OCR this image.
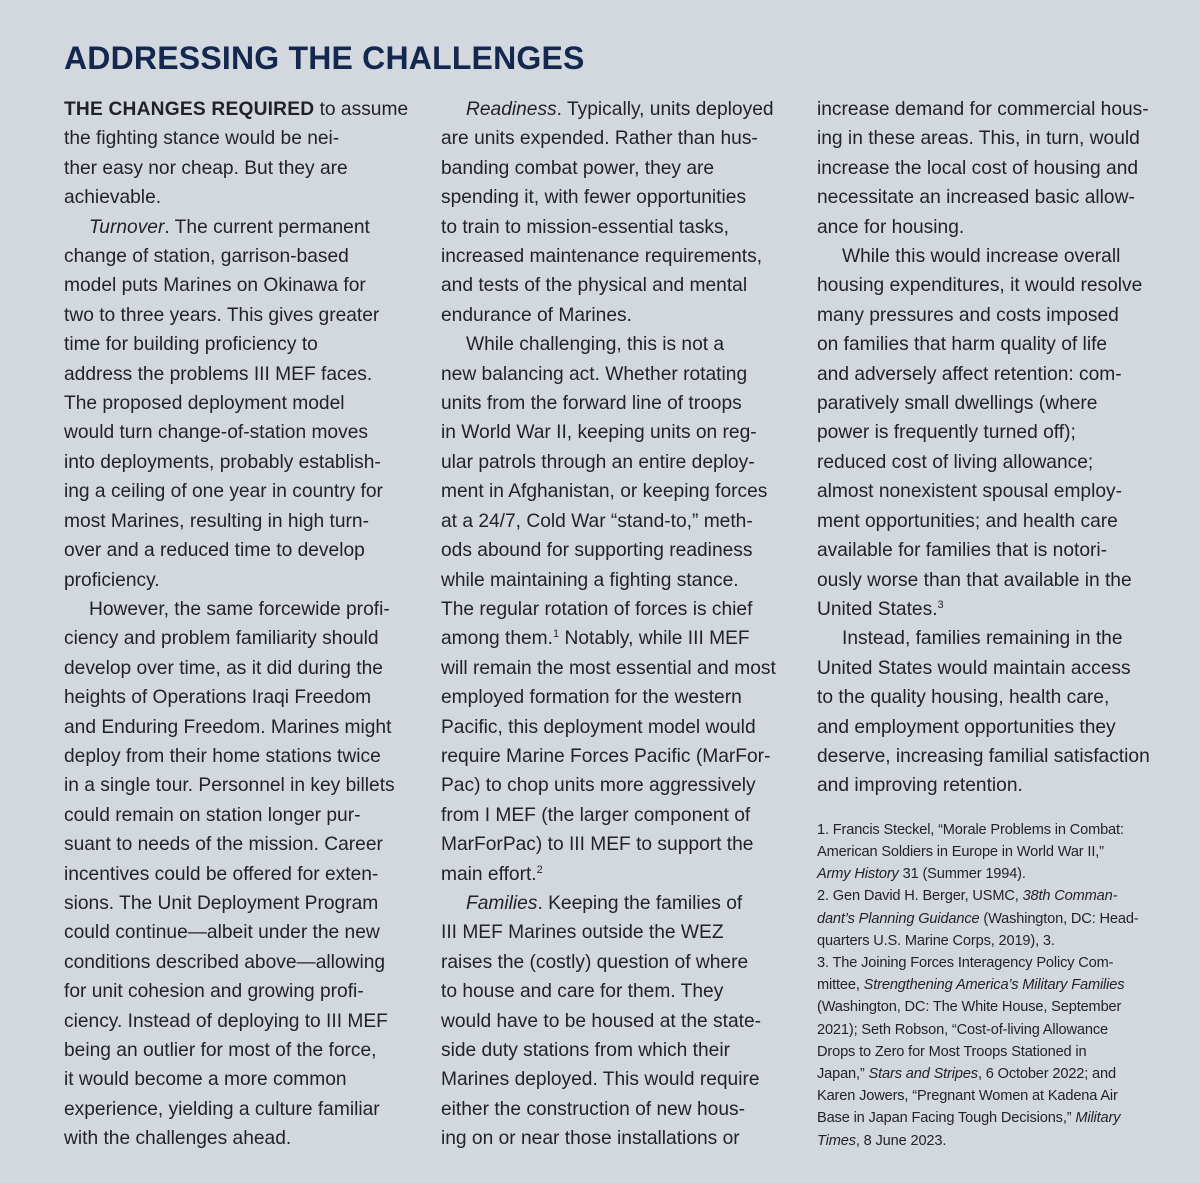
ADDRESSING THE CHALLENGES

THE CHANGES REQUIRED to assume
the fighting stance would be nei-
ther easy nor cheap. But they are
achievable.

Turnover. The current permanent

change of station, garrison-based
model puts Marines on Okinawa for
two to three years. This gives greater
time for building proficiency to
address the problems III MEF faces.
The proposed deployment model
would turn change-of-station moves
into deployments, probably establish-
ing a ceiling of one year in country for
most Marines, resulting in high turn-
over and a reduced time to develop
proficiency.

However, the same forcewide profi-

ciency and problem familiarity should
develop over time, as it did during the
heights of Operations Iraqi Freedom
and Enduring Freedom. Marines might
deploy from their home stations twice
in a single tour. Personnel in key billets
could remain on station longer pur-
suant to needs of the mission. Career
incentives could be offered for exten-
sions. The Unit Deployment Program
could continue—albeit under the new
conditions described above—allowing
for unit cohesion and growing profi-
ciency. Instead of deploying to III MEF
being an outlier for most of the force,
it would become a more common
experience, yielding a culture familiar
with the challenges ahead.

Readiness. Typically, units deployed

are units expended. Rather than hus-
banding combat power, they are
spending it, with fewer opportunities
to train to mission-essential tasks,
increased maintenance requirements,
and tests of the physical and mental
endurance of Marines.

While challenging, this is not a

new balancing act. Whether rotating
units from the forward line of troops
in World War II, keeping units on reg-
ular patrols through an entire deploy-
ment in Afghanistan, or keeping forces
at a 24/7, Cold War “stand-to,” meth-
ods abound for supporting readiness
while maintaining a fighting stance.
The regular rotation of forces is chief
among them.$^1$ Notably, while III MEF
will remain the most essential and most
employed formation for the western
Pacific, this deployment model would
require Marine Forces Pacific (MarFor-
Pac) to chop units more aggressively
from I MEF (the larger component of
MarForPac) to III MEF to support the
main effort.$^2$

Families. Keeping the families of

III MEF Marines outside the WEZ
raises the (costly) question of where
to house and care for them. They
would have to be housed at the state-
side duty stations from which their
Marines deployed. This would require
either the construction of new hous-
ing on or near those installations or

increase demand for commercial hous-
ing in these areas. This, in turn, would
increase the local cost of housing and
necessitate an increased basic allow-
ance for housing.

While this would increase overall

housing expenditures, it would resolve
many pressures and costs imposed
on families that harm quality of life
and adversely affect retention: com-
paratively small dwellings (where
power is frequently turned off);
reduced cost of living allowance;
almost nonexistent spousal employ-
ment opportunities; and health care
available for families that is notori-
ously worse than that available in the
United States.$^3$

Instead, families remaining in the

United States would maintain access
to the quality housing, health care,
and employment opportunities they
deserve, increasing familial satisfaction
and improving retention.

1. Francis Steckel, “Morale Problems in Combat:
American Soldiers in Europe in World War II,”
Army History 31 (Summer 1994).

2. Gen David H. Berger, USMC, 38th Comman-
dant’s Planning Guidance (Washington, DC: Head-
quarters U.S. Marine Corps, 2019), 3.

3. The Joining Forces Interagency Policy Com-
mittee, Strengthening America’s Military Families
(Washington, DC: The White House, September
2021); Seth Robson, “Cost-of-living Allowance
Drops to Zero for Most Troops Stationed in
Japan,” Stars and Stripes, 6 October 2022; and
Karen Jowers, “Pregnant Women at Kadena Air
Base in Japan Facing Tough Decisions,” Military
Times, 8 June 2023.
